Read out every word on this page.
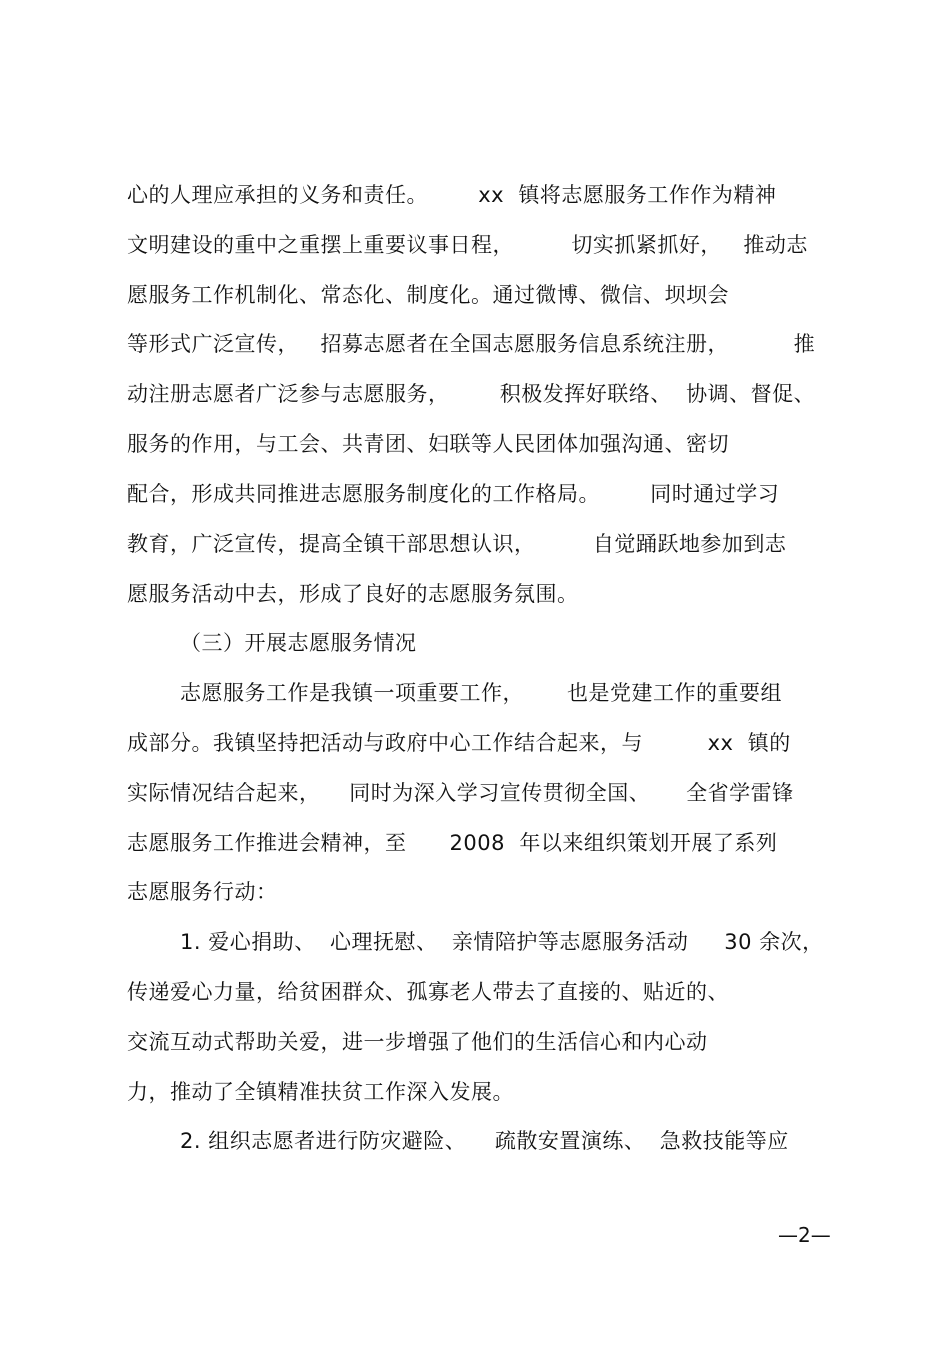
心的人理应承担的义务和责任。       xx  镇将志愿服务工作作为精神
文明建设的重中之重摆上重要议事日程，        切实抓紧抓好，   推动志
愿服务工作机制化、常态化、制度化。通过微博、微信、坝坝会
等形式广泛宣传，   招募志愿者在全国志愿服务信息系统注册，         推
动注册志愿者广泛参与志愿服务，       积极发挥好联络、  协调、督促、
服务的作用，与工会、共青团、妇联等人民团体加强沟通、密切
配合，形成共同推进志愿服务制度化的工作格局。       同时通过学习
教育，广泛宣传，提高全镇干部思想认识，        自觉踊跃地参加到志
愿服务活动中去，形成了良好的志愿服务氛围。
（三）开展志愿服务情况
志愿服务工作是我镇一项重要工作，      也是党建工作的重要组
成部分。我镇坚持把活动与政府中心工作结合起来，与         xx  镇的
实际情况结合起来，    同时为深入学习宣传贯彻全国、     全省学雷锋
志愿服务工作推进会精神，至      2008  年以来组织策划开展了系列
志愿服务行动：
1. 爱心捐助、  心理抚慰、  亲情陪护等志愿服务活动     30 余次，
传递爱心力量，给贫困群众、孤寡老人带去了直接的、贴近的、
交流互动式帮助关爱，进一步增强了他们的生活信心和内心动
力，推动了全镇精准扶贫工作深入发展。
2. 组织志愿者进行防灾避险、    疏散安置演练、  急救技能等应
—2—
